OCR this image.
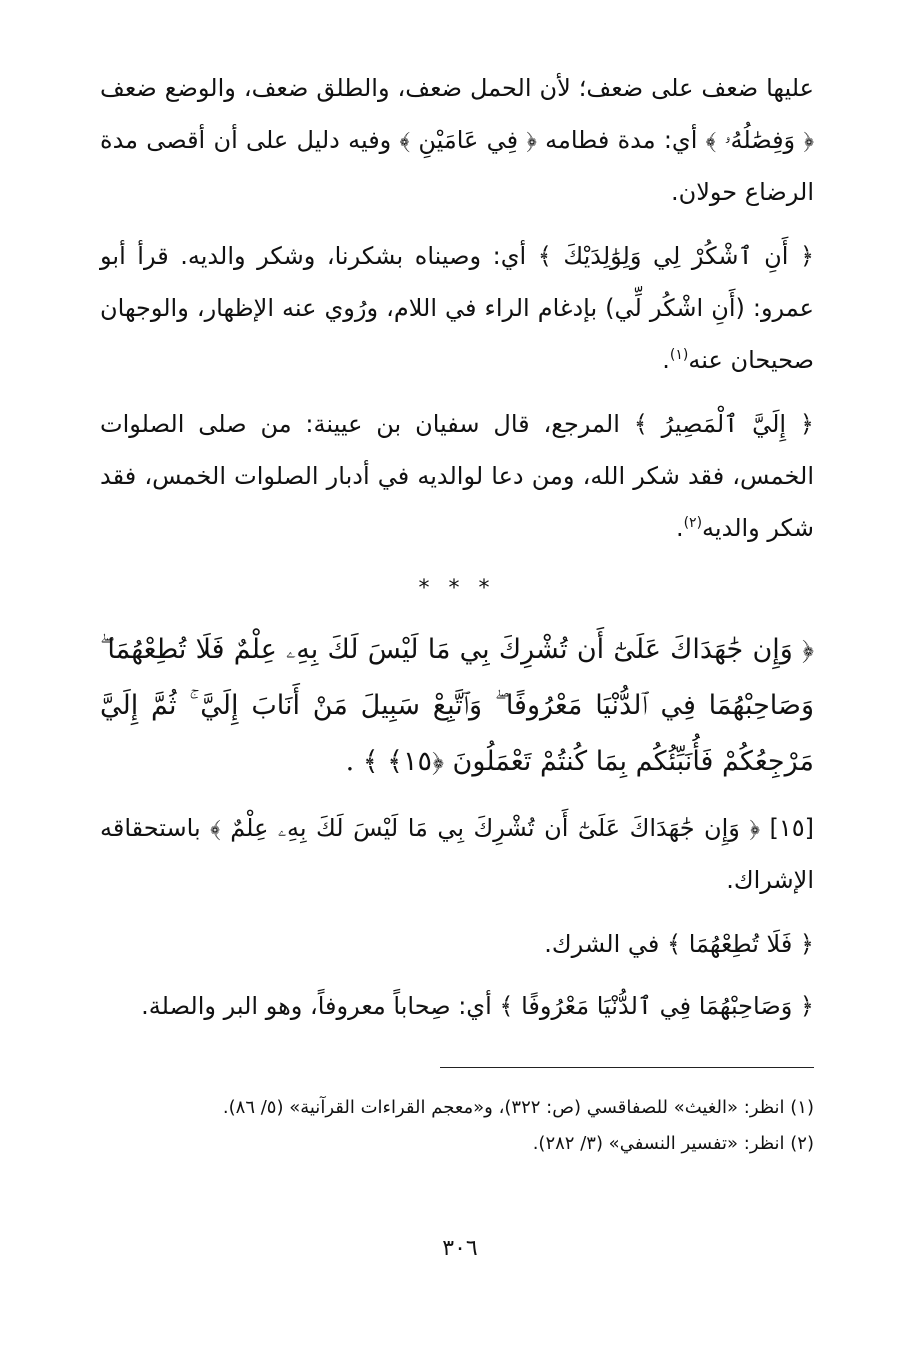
عليها ضعف على ضعف؛ لأن الحمل ضعف، والطلق ضعف، والوضع ضعف ﴿ وَفِصَٰلُهُۥ ﴾ أي: مدة فطامه ﴿ فِي عَامَيْنِ ﴾ وفيه دليل على أن أقصى مدة الرضاع حولان.

﴿ أَنِ ٱشْكُرْ لِي وَلِوَٰلِدَيْكَ ﴾ أي: وصيناه بشكرنا، وشكر والديه. قرأ أبو عمرو: (أَنِ اشْكُر لِّي) بإدغام الراء في اللام، ورُوي عنه الإظهار، والوجهان صحيحان عنه$^{(١)}$.

﴿ إِلَيَّ ٱلْمَصِيرُ ﴾ المرجع، قال سفيان بن عيينة: من صلى الصلوات الخمس، فقد شكر الله، ومن دعا لوالديه في أدبار الصلوات الخمس، فقد شكر والديه$^{(٢)}$.

* * *

﴿ وَإِن جَٰهَدَاكَ عَلَىٰٓ أَن تُشْرِكَ بِي مَا لَيْسَ لَكَ بِهِۦ عِلْمٌ فَلَا تُطِعْهُمَا ۖ وَصَاحِبْهُمَا فِي ٱلدُّنْيَا مَعْرُوفًا ۖ وَٱتَّبِعْ سَبِيلَ مَنْ أَنَابَ إِلَيَّ ۚ ثُمَّ إِلَيَّ مَرْجِعُكُمْ فَأُنَبِّئُكُم بِمَا كُنتُمْ تَعْمَلُونَ ﴿١٥﴾ ﴾ .

[١٥] ﴿ وَإِن جَٰهَدَاكَ عَلَىٰٓ أَن تُشْرِكَ بِي مَا لَيْسَ لَكَ بِهِۦ عِلْمٌ ﴾ باستحقاقه الإشراك.

﴿ فَلَا تُطِعْهُمَا ﴾ في الشرك.

﴿ وَصَاحِبْهُمَا فِي ٱلدُّنْيَا مَعْرُوفًا ﴾ أي: صِحاباً معروفاً، وهو البر والصلة.

(١) انظر: «الغيث» للصفاقسي (ص: ٣٢٢)، و«معجم القراءات القرآنية» (٥/ ٨٦).

(٢) انظر: «تفسير النسفي» (٣/ ٢٨٢).

٣٠٦
